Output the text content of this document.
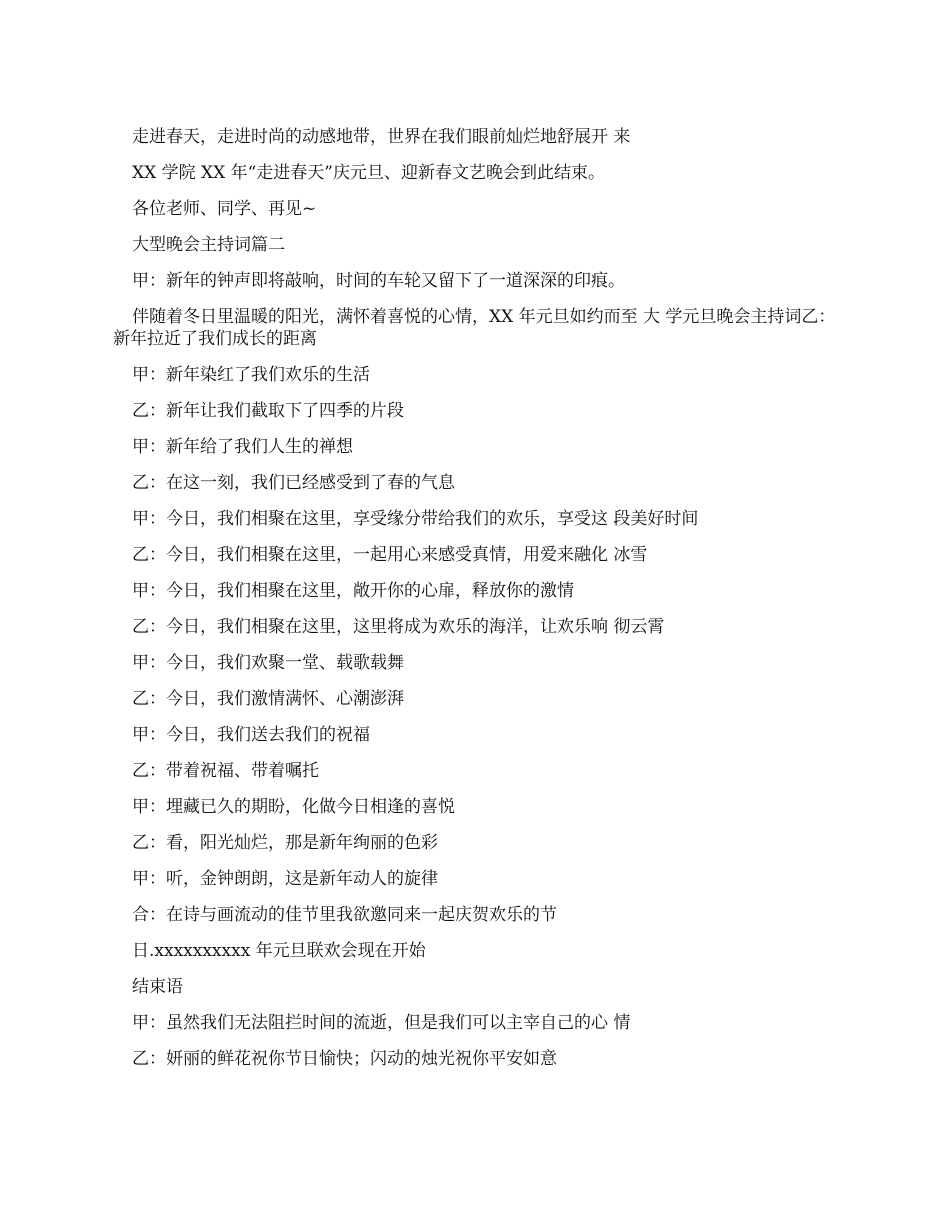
走进春天，走进时尚的动感地带，世界在我们眼前灿烂地舒展开 来
XX 学院 XX 年“走进春天”庆元旦、迎新春文艺晚会到此结束。
各位老师、同学、再见~
大型晚会主持词篇二
甲：新年的钟声即将敲响，时间的车轮又留下了一道深深的印痕。
伴随着冬日里温暖的阳光，满怀着喜悦的心情，XX 年元旦如约而至 大 学元旦晚会主持词乙：新年拉近了我们成长的距离
甲：新年染红了我们欢乐的生活
乙：新年让我们截取下了四季的片段
甲：新年给了我们人生的禅想
乙：在这一刻，我们已经感受到了春的气息
甲：今日，我们相聚在这里，享受缘分带给我们的欢乐，享受这 段美好时间
乙：今日，我们相聚在这里，一起用心来感受真情，用爱来融化 冰雪
甲：今日，我们相聚在这里，敞开你的心扉，释放你的激情
乙：今日，我们相聚在这里，这里将成为欢乐的海洋，让欢乐响 彻云霄
甲：今日，我们欢聚一堂、载歌载舞
乙：今日，我们激情满怀、心潮澎湃
甲：今日，我们送去我们的祝福
乙：带着祝福、带着嘱托
甲：埋藏已久的期盼，化做今日相逢的喜悦
乙：看，阳光灿烂，那是新年绚丽的色彩
甲：听，金钟朗朗，这是新年动人的旋律
合：在诗与画流动的佳节里我欲邀同来一起庆贺欢乐的节
日.xxxxxxxxxx 年元旦联欢会现在开始
结束语
甲：虽然我们无法阻拦时间的流逝，但是我们可以主宰自己的心 情
乙：妍丽的鲜花祝你节日愉快；闪动的烛光祝你平安如意
